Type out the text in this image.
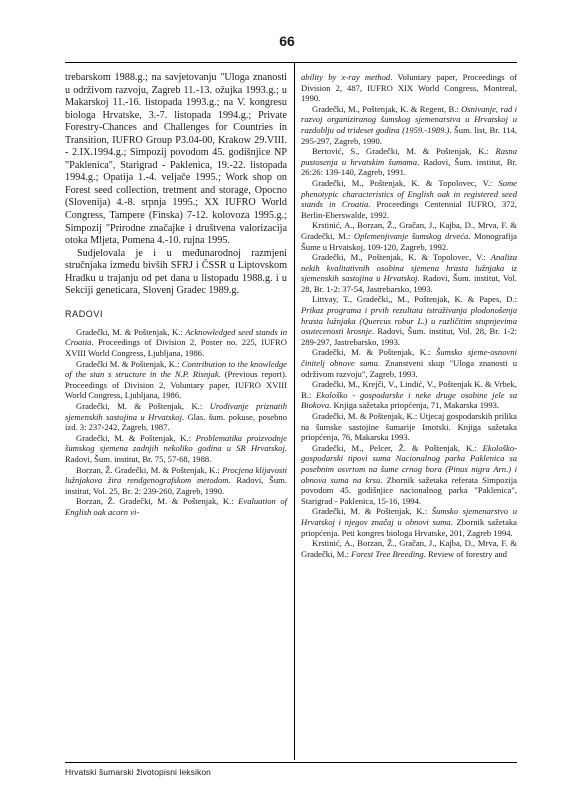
66

trebarskom 1988.g.; na savjetovanju "Uloga znanosti u održivom razvoju, Zagreb 11.-13. ožujka 1993.g.; u Makarskoj 11.-16. listopada 1993.g.; na V. kongresu biologa Hrvatske, 3.-7. listopada 1994.g.; Private Forestry-Chances and Challenges for Countries in Transition, IUFRO Group P3.04-00, Krakow 29.VIII. - 2.IX.1994.g.; Simpozij povodom 45. godišnjice NP "Paklenica", Starigrad - Paklenica, 19.-22. listopada 1994.g.; Opatija 1.-4. veljače 1995.; Work shop on Forest seed collection, tretment and storage, Opocno (Slovenija) 4.-8. srpnja 1995.; XX IUFRO World Congress, Tampere (Finska) 7-12. kolovoza 1995.g.; Simpozij "Prirodne značajke i društvena valorizacija otoka Mljeta, Pomena 4.-10. rujna 1995.

Sudjelovala je i u međunarodnoj razmjeni stručnjaka između bivših SFRJ i ČSSR u Liptovskom Hradku u trajanju od pet dana u listopadu 1988.g. i u Sekciji geneticara, Slovenj Gradec 1989.g.

RADOVI

Gradečki, M. & Poštenjak, K.: Acknowledged seed stands in Croatia. Proceedings of Division 2, Poster no. 225, IUFRO XVIII World Congress, Ljubljana, 1986.

Gradečki M. & Poštenjak, K.: Contribution to the knowledge of the stan s structure in the N.P. Risnjak. (Previous report). Proceedings of Division 2, Voluntary paper, IUFRO XVIII World Congress, Ljubljana, 1986.

Gradečki, M. & Poštenjak, K.: Urođivanje priznatih sjemenskih sastojina u Hrvatskoj. Glas. šum. pokuse, posebno izd. 3: 237-242, Zagreb, 1987.

Gradečki, M. & Poštenjak, K.: Problematika proizvodnje šumskog sjemena zadnjih nekoliko godina u SR Hrvatskoj. Radovi, Šum. institut, Br. 75, 57-68, 1988.

Borzan, Ž. Gradečki, M. & Poštenjak, K.: Procjena klijavosti lužnjakova žira rendgenografskom metodom. Radovi, Šum. institut, Vol. 25, Br. 2: 239-260, Zagreb, 1990.

Borzan, Ž. Gradečki, M. & Poštenjak, K.: Evaluation of English oak acorn vi-

ability by x-ray method. Voluntary paper, Proceedings of Division 2, 487, IUFRO XIX World Congress, Montreal, 1990.

Gradečki, M., Poštenjak, K. & Regent, B.: Osnivanje, rad i razvoj organiziranog šumskog sjemenarstva u Hrvatskoj u razdoblju od trideset godina (1959.-1989.). Šum. list, Br. 114, 295-297, Zagreb, 1990.

Bertović, S., Gradečki, M. & Poštenjak, K.: Rasna pustosenja u hrvatskim šumama. Radovi, Šum. institut, Br. 26:26: 139-140, Zagreb, 1991.

Gradečki, M., Poštenjak, K. & Topolovec, V.: Some phenotypic characteristics of English oak in registered seed stands in Croatia. Proceedings Centennial IUFRO, 372, Berlin-Eberswalde, 1992.

Krstinić, A., Borzan, Ž., Gračan, J., Kajba, D., Mrva, F. & Gradečki, M.: Oplemenjivanje šumskog drveća. Monografija Šume u Hrvatskoj, 109-120, Zagreb, 1992.

Gradečki, M., Poštenjak, K. & Topolovec, V.: Analiza nekih kvalitativnih osobina sjemena hrasta lužnjaka iz sjemenskih sastojina u Hrvatskoj. Radovi, Šum. institut, Vol. 28, Br. 1-2: 37-54, Jastrebarsko, 1993.

Littvay, T., Gradečki,, M., Poštenjak, K. & Papes, D.: Prikaz programa i prvih rezultata istraživanja plodonošenja hrasta lužnjaka (Quercus robur L.) u različitim stupnjevima osutecenosti krosnje. Radovi, Šum. institut, Vol. 28, Br. 1-2: 289-297, Jastrebarsko, 1993.

Gradečki, M. & Poštenjak, K.: Šumsko sjeme-osnovni činitelj obnove suma. Znanstveni skup "Uloga znanosti u održivom razvoju", Zagreb, 1993.

Gradečki, M., Krejči, V., Lindić, V., Poštenjak K. & Vrbek, B.: Ekološko - gospodarske i neke druge osobine jele sa Biokova. Knjiga sažetaka priopćenja, 71, Makarska 1993.

Gradečki, M. & Poštenjak, K.: Utjecaj gospodarskih prilika na šumske sastojine šumarije Imotski. Knjiga sažetaka priopćenja, 76, Makarska 1993.

Gradečki, M., Pelcer, Ž. & Poštenjak, K.: Ekološko-gospodarski tipovi suma Nacionalnog parka Paklenica sa posebnim osvrtom na šume crnog bora (Pinus nigra Arn.) i obnova suma na krsu. Zbornik sažetaka referata Simpozija povodom 45. godišnjice nacionalnog parka "Paklenica", Starigrad - Paklenica, 15-16, 1994.

Gradečki, M. & Poštenjak, K.: Šumsko sjemenarstvo u Hrvatskoj i njegov značaj u obnovi suma. Zbornik sažetaka priopćenja. Peti kongres biologa Hrvatske, 201, Zagreb 1994.

Krstinić, A., Borzan, Ž., Gračan, J., Kajba, D., Mrva, F. & Gradečki, M.: Forest Tree Breeding. Review of forestry and

Hrvatski šumarski životopisni leksikon
